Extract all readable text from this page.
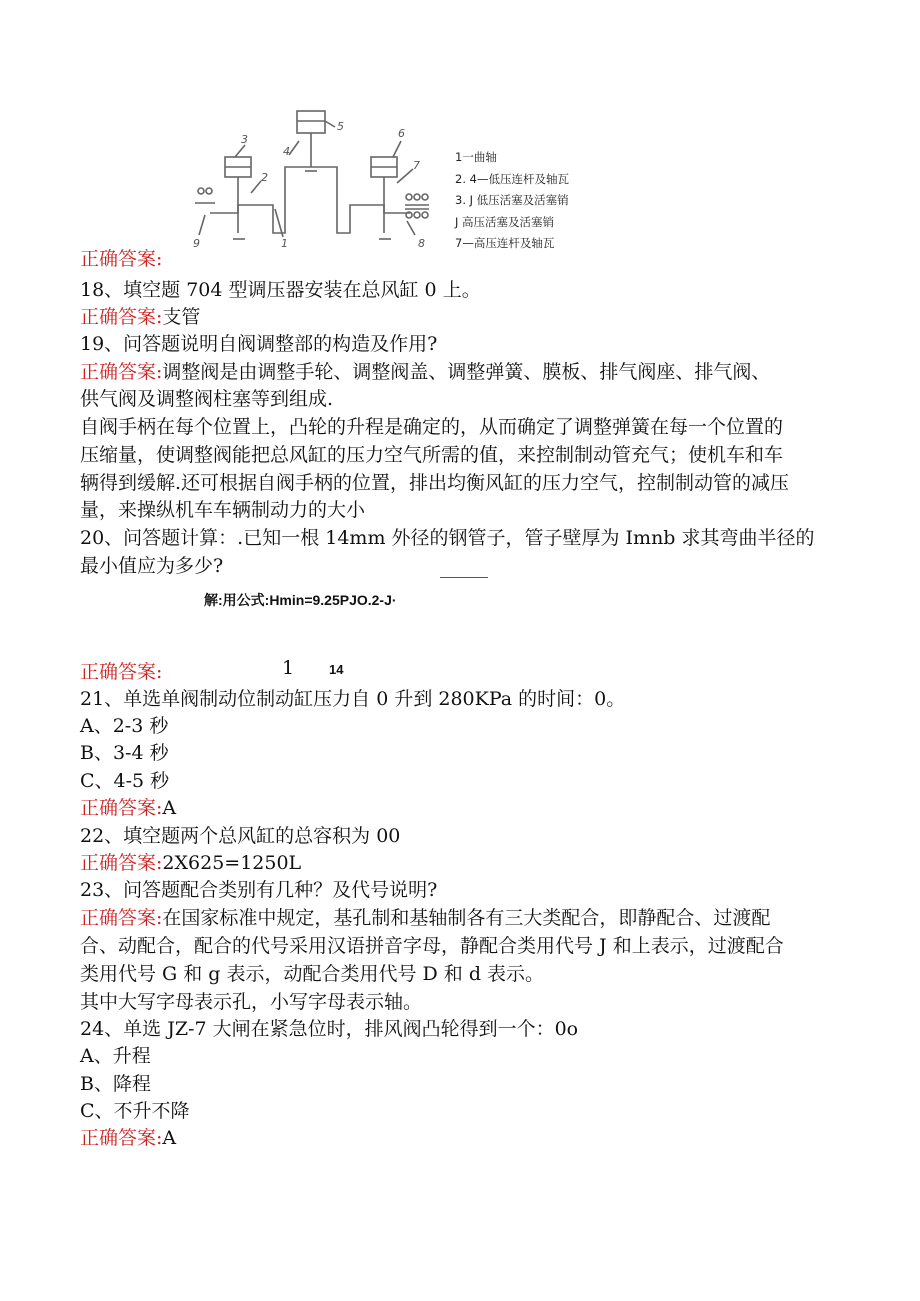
3
2
5
4
6
7
8
9	1
1一曲轴
2. 4—低压连杆及轴瓦
3. J 低压活塞及活塞销
J 高压活塞及活塞销
7—高压连杆及轴瓦
正确答案:
18、填空题 704 型调压器安装在总风缸 0 上。
正确答案:支管
19、问答题说明自阀调整部的构造及作用?
正确答案:调整阀是由调整手轮、调整阀盖、调整弹簧、膜板、排气阀座、排气阀、
供气阀及调整阀柱塞等到组成.
自阀手柄在每个位置上，凸轮的升程是确定的，从而确定了调整弹簧在每一个位置的
压缩量，使调整阀能把总风缸的压力空气所需的值，来控制制动管充气；使机车和车
辆得到缓解.还可根据自阀手柄的位置，排出均衡风缸的压力空气，控制制动管的减压
量，来操纵机车车辆制动力的大小
20、问答题计算：.已知一根 14mm 外径的钢管子，管子壁厚为 Imnb 求其弯曲半径的
最小值应为多少?
解:用公式:Hmin=9.25PJO.2-J·
正确答案:	1	14
21、单选单阀制动位制动缸压力自 0 升到 280KPa 的时间：0。
A、2-3 秒
B、3-4 秒
C、4-5 秒
正确答案:A
22、填空题两个总风缸的总容积为 00
正确答案:2X625=1250L
23、问答题配合类别有几种？及代号说明?
正确答案:在国家标准中规定，基孔制和基轴制各有三大类配合，即静配合、过渡配
合、动配合，配合的代号采用汉语拼音字母，静配合类用代号 J 和上表示，过渡配合
类用代号 G 和 g 表示，动配合类用代号 D 和 d 表示。
其中大写字母表示孔，小写字母表示轴。
24、单选 JZ-7 大闸在紧急位时，排风阀凸轮得到一个：0o
A、升程
B、降程
C、不升不降
正确答案:A
